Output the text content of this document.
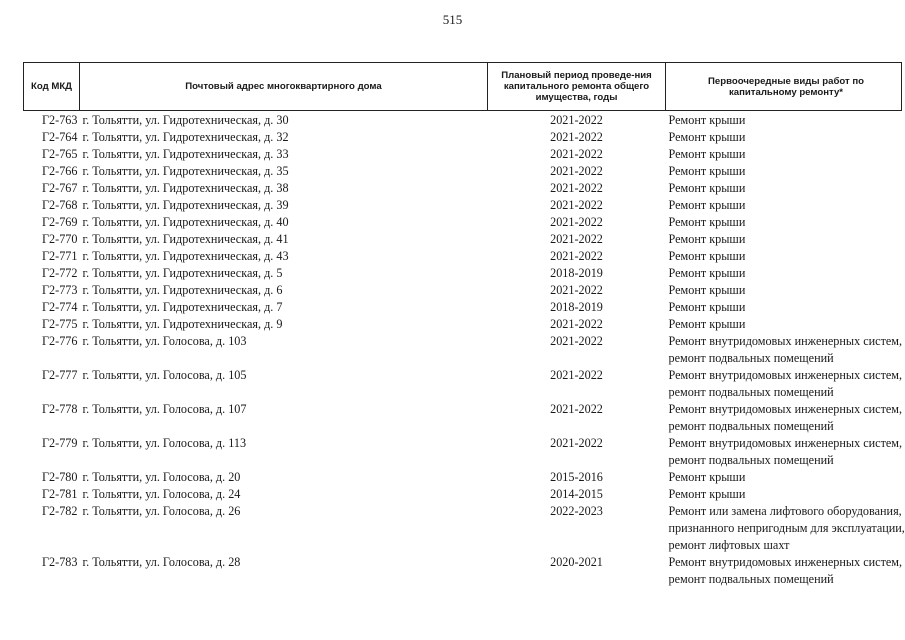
515
Код МКД	Почтовый адрес многоквартирного дома	Плановый период проведе-ния капитального ремонта общего имущества, годы	Первоочередные виды работ по капитальному ремонту*
Г2-763	г. Тольятти, ул. Гидротехническая, д. 30	2021-2022	Ремонт крыши

Г2-764	г. Тольятти, ул. Гидротехническая, д. 32	2021-2022	Ремонт крыши

Г2-765	г. Тольятти, ул. Гидротехническая, д. 33	2021-2022	Ремонт крыши

Г2-766	г. Тольятти, ул. Гидротехническая, д. 35	2021-2022	Ремонт крыши

Г2-767	г. Тольятти, ул. Гидротехническая, д. 38	2021-2022	Ремонт крыши

Г2-768	г. Тольятти, ул. Гидротехническая, д. 39	2021-2022	Ремонт крыши

Г2-769	г. Тольятти, ул. Гидротехническая, д. 40	2021-2022	Ремонт крыши

Г2-770	г. Тольятти, ул. Гидротехническая, д. 41	2021-2022	Ремонт крыши

Г2-771	г. Тольятти, ул. Гидротехническая, д. 43	2021-2022	Ремонт крыши

Г2-772	г. Тольятти, ул. Гидротехническая, д. 5	2018-2019	Ремонт крыши

Г2-773	г. Тольятти, ул. Гидротехническая, д. 6	2021-2022	Ремонт крыши

Г2-774	г. Тольятти, ул. Гидротехническая, д. 7	2018-2019	Ремонт крыши

Г2-775	г. Тольятти, ул. Гидротехническая, д. 9	2021-2022	Ремонт крыши

Г2-776	г. Тольятти, ул. Голосова, д. 103	2021-2022	Ремонт внутридомовых инженерных систем,
ремонт подвальных помещений

Г2-777	г. Тольятти, ул. Голосова, д. 105	2021-2022	Ремонт внутридомовых инженерных систем,
ремонт подвальных помещений

Г2-778	г. Тольятти, ул. Голосова, д. 107	2021-2022	Ремонт внутридомовых инженерных систем,
ремонт подвальных помещений

Г2-779	г. Тольятти, ул. Голосова, д. 113	2021-2022	Ремонт внутридомовых инженерных систем,
ремонт подвальных помещений

Г2-780	г. Тольятти, ул. Голосова, д. 20	2015-2016	Ремонт крыши

Г2-781	г. Тольятти, ул. Голосова, д. 24	2014-2015	Ремонт крыши

Г2-782	г. Тольятти, ул. Голосова, д. 26	2022-2023	Ремонт или замена лифтового оборудования,
признанного непригодным для эксплуатации,
ремонт лифтовых шахт

Г2-783	г. Тольятти, ул. Голосова, д. 28	2020-2021	Ремонт внутридомовых инженерных систем,
ремонт подвальных помещений
